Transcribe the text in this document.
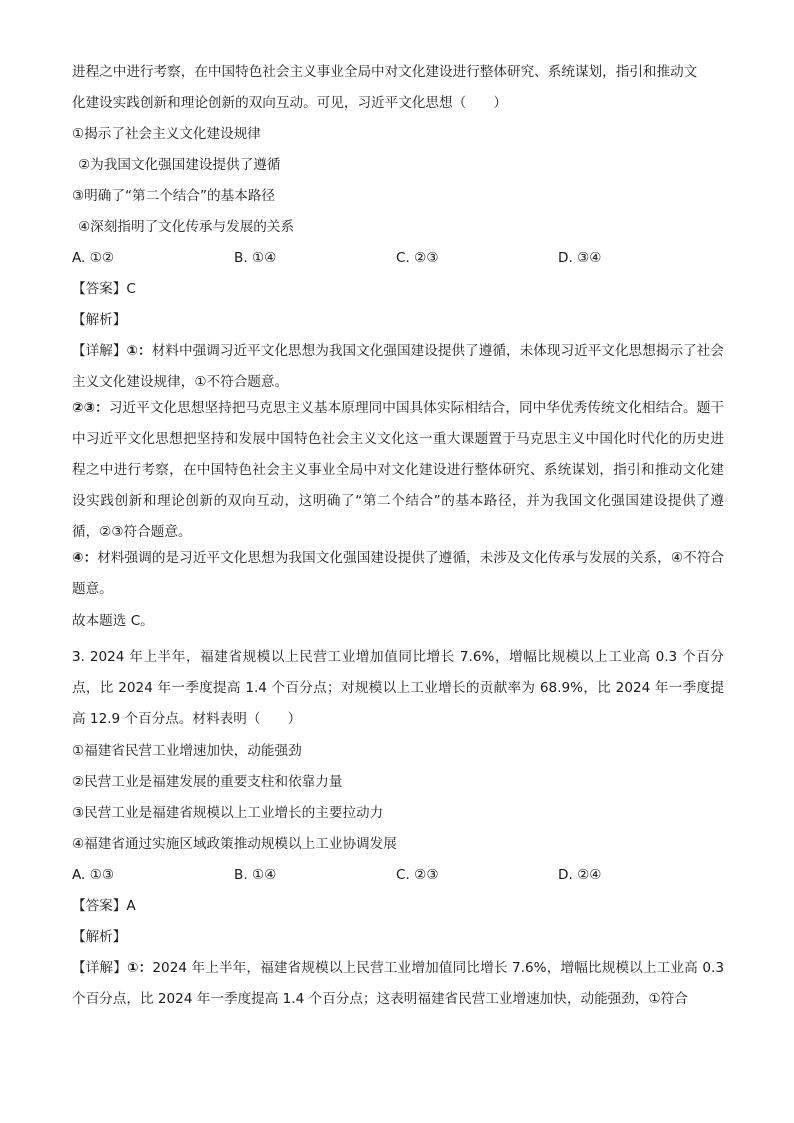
进程之中进行考察，在中国特色社会主义事业全局中对文化建设进行整体研究、系统谋划，指引和推动文
化建设实践创新和理论创新的双向互动。可见，习近平文化思想（　　）
①揭示了社会主义文化建设规律
②为我国文化强国建设提供了遵循
③明确了“第二个结合”的基本路径
④深刻指明了文化传承与发展的关系
A. ①②	B. ①④	C. ②③	D. ③④
【答案】C
【解析】
【详解】①：材料中强调习近平文化思想为我国文化强国建设提供了遵循，未体现习近平文化思想揭示了社会主义文化建设规律，①不符合题意。
②③：习近平文化思想坚持把马克思主义基本原理同中国具体实际相结合，同中华优秀传统文化相结合。题干中习近平文化思想把坚持和发展中国特色社会主义文化这一重大课题置于马克思主义中国化时代化的历史进程之中进行考察，在中国特色社会主义事业全局中对文化建设进行整体研究、系统谋划，指引和推动文化建设实践创新和理论创新的双向互动，这明确了“第二个结合”的基本路径，并为我国文化强国建设提供了遵循，②③符合题意。
④：材料强调的是习近平文化思想为我国文化强国建设提供了遵循，未涉及文化传承与发展的关系，④不符合题意。
故本题选 C。
3. 2024 年上半年，福建省规模以上民营工业增加值同比增长 7.6%，增幅比规模以上工业高 0.3 个百分点，比 2024 年一季度提高 1.4 个百分点；对规模以上工业增长的贡献率为 68.9%，比 2024 年一季度提高 12.9 个百分点。材料表明（　　）
①福建省民营工业增速加快，动能强劲
②民营工业是福建发展的重要支柱和依靠力量
③民营工业是福建省规模以上工业增长的主要拉动力
④福建省通过实施区域政策推动规模以上工业协调发展
A. ①③	B. ①④	C. ②③	D. ②④
【答案】A
【解析】
【详解】①：2024 年上半年，福建省规模以上民营工业增加值同比增长 7.6%，增幅比规模以上工业高 0.3 个百分点，比 2024 年一季度提高 1.4 个百分点；这表明福建省民营工业增速加快，动能强劲，①符合
